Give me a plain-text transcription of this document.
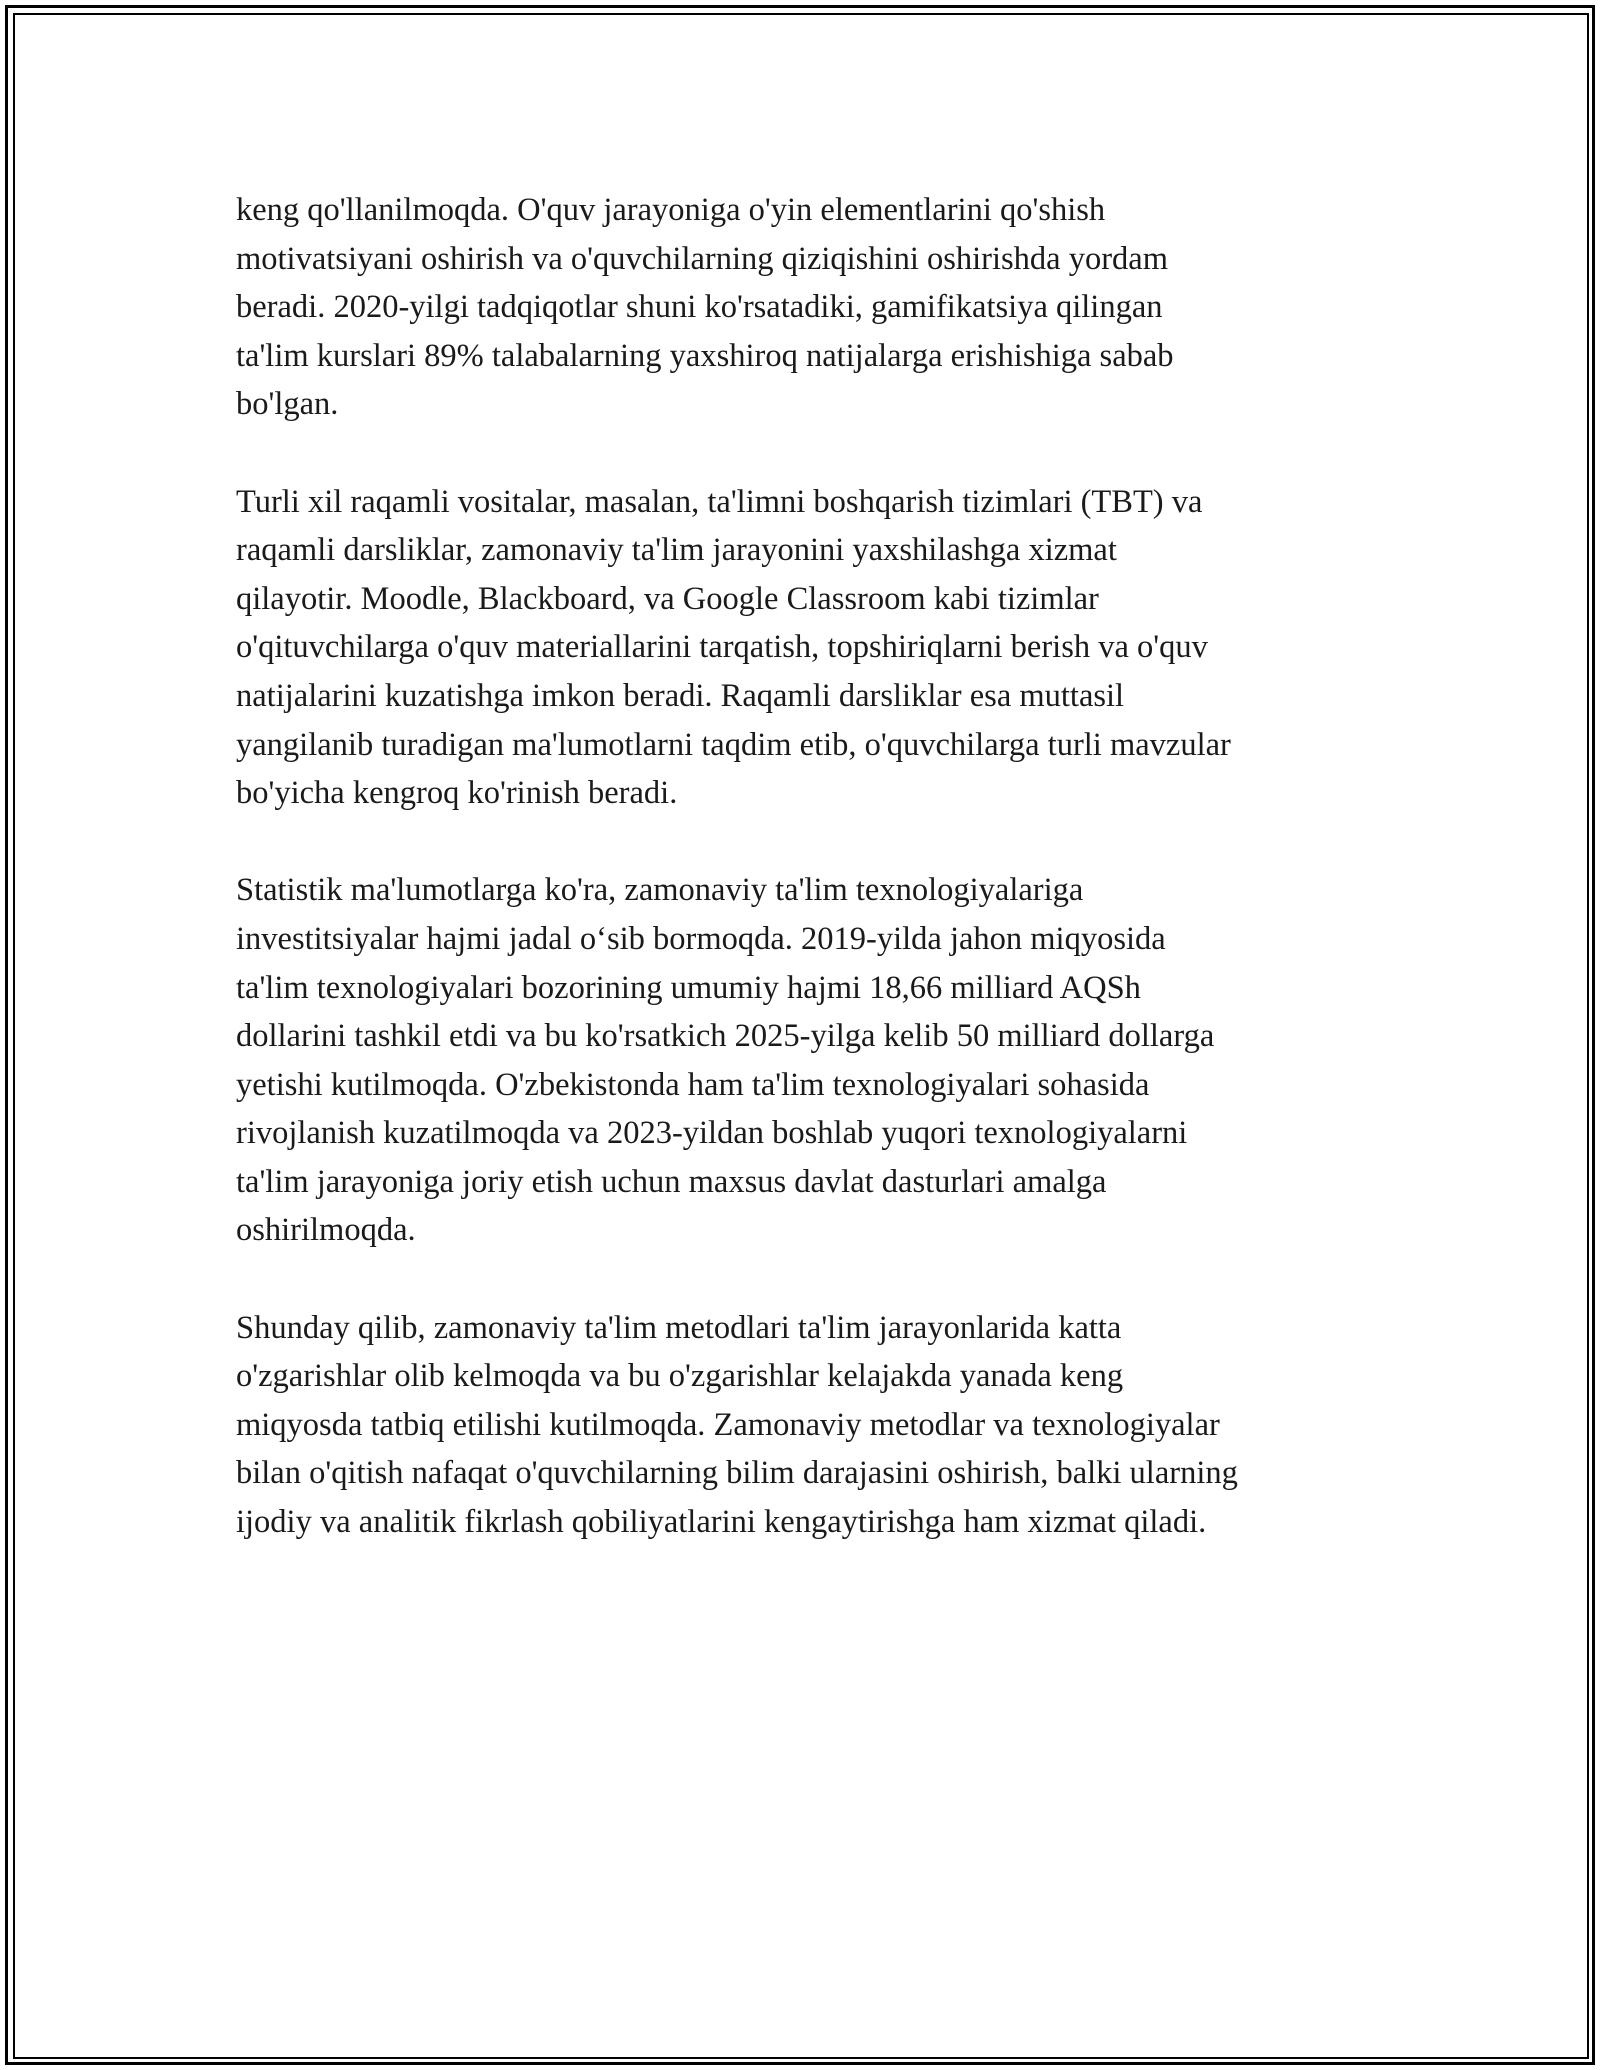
keng qo'llanilmoqda. O'quv jarayoniga o'yin elementlarini qo'shish
motivatsiyani oshirish va o'quvchilarning qiziqishini oshirishda yordam
beradi. 2020-yilgi tadqiqotlar shuni ko'rsatadiki, gamifikatsiya qilingan
ta'lim kurslari 89% talabalarning yaxshiroq natijalarga erishishiga sabab
bo'lgan.
Turli xil raqamli vositalar, masalan, ta'limni boshqarish tizimlari (TBT) va
raqamli darsliklar, zamonaviy ta'lim jarayonini yaxshilashga xizmat
qilayotir. Moodle, Blackboard, va Google Classroom kabi tizimlar
o'qituvchilarga o'quv materiallarini tarqatish, topshiriqlarni berish va o'quv
natijalarini kuzatishga imkon beradi. Raqamli darsliklar esa muttasil
yangilanib turadigan ma'lumotlarni taqdim etib, o'quvchilarga turli mavzular
bo'yicha kengroq ko'rinish beradi.
Statistik ma'lumotlarga ko'ra, zamonaviy ta'lim texnologiyalariga
investitsiyalar hajmi jadal oʻsib bormoqda. 2019-yilda jahon miqyosida
ta'lim texnologiyalari bozorining umumiy hajmi 18,66 milliard AQSh
dollarini tashkil etdi va bu ko'rsatkich 2025-yilga kelib 50 milliard dollarga
yetishi kutilmoqda. O'zbekistonda ham ta'lim texnologiyalari sohasida
rivojlanish kuzatilmoqda va 2023-yildan boshlab yuqori texnologiyalarni
ta'lim jarayoniga joriy etish uchun maxsus davlat dasturlari amalga
oshirilmoqda.
Shunday qilib, zamonaviy ta'lim metodlari ta'lim jarayonlarida katta
o'zgarishlar olib kelmoqda va bu o'zgarishlar kelajakda yanada keng
miqyosda tatbiq etilishi kutilmoqda. Zamonaviy metodlar va texnologiyalar
bilan o'qitish nafaqat o'quvchilarning bilim darajasini oshirish, balki ularning
ijodiy va analitik fikrlash qobiliyatlarini kengaytirishga ham xizmat qiladi.
